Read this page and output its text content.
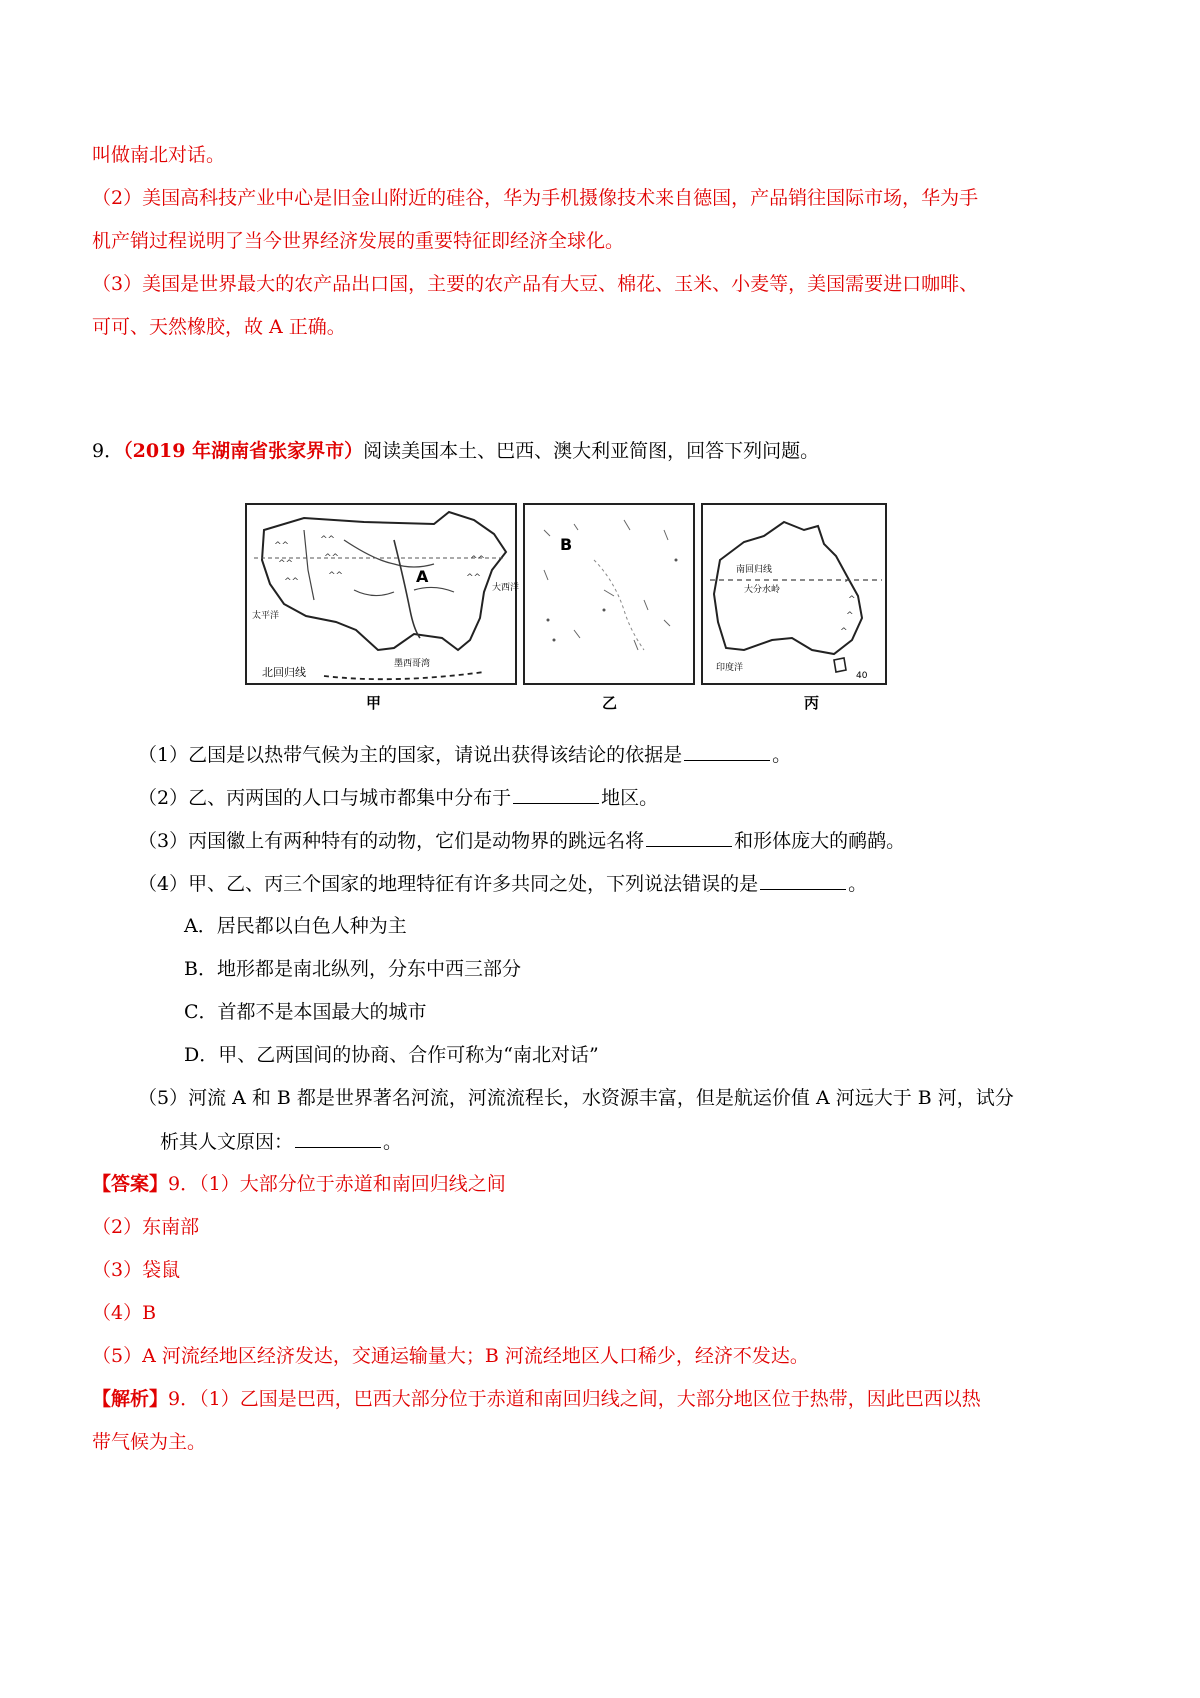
叫做南北对话。
（2）美国高科技产业中心是旧金山附近的硅谷，华为手机摄像技术来自德国，产品销往国际市场，华为手
机产销过程说明了当今世界经济发展的重要特征即经济全球化。
（3）美国是世界最大的农产品出口国，主要的农产品有大豆、棉花、玉米、小麦等，美国需要进口咖啡、
可可、天然橡胶，故 A 正确。
9．（2019 年湖南省张家界市）阅读美国本土、巴西、澳大利亚简图，回答下列问题。
^^
^^
^^
^^
^^
^^
^^
^^
A
大西洋
太平洋
墨西哥湾
北回归线
B
^
^
^
^
南回归线
大分水岭
印度洋
40
甲	乙	丙
（1）乙国是以热带气候为主的国家，请说出获得该结论的依据是	。
（2）乙、丙两国的人口与城市都集中分布于	地区。
（3）丙国徽上有两种特有的动物，它们是动物界的跳远名将	和形体庞大的鸸鹋。
（4）甲、乙、丙三个国家的地理特征有许多共同之处，下列说法错误的是	。
A．居民都以白色人种为主
B．地形都是南北纵列，分东中西三部分
C．首都不是本国最大的城市
D．甲、乙两国间的协商、合作可称为“南北对话”
（5）河流 A 和 B 都是世界著名河流，河流流程长，水资源丰富，但是航运价值 A 河远大于 B 河，试分
析其人文原因：	。
【答案】9．（1）大部分位于赤道和南回归线之间
（2）东南部
（3）袋鼠
（4）B
（5）A 河流经地区经济发达，交通运输量大；B 河流经地区人口稀少，经济不发达。
【解析】9．（1）乙国是巴西，巴西大部分位于赤道和南回归线之间，大部分地区位于热带，因此巴西以热
带气候为主。
